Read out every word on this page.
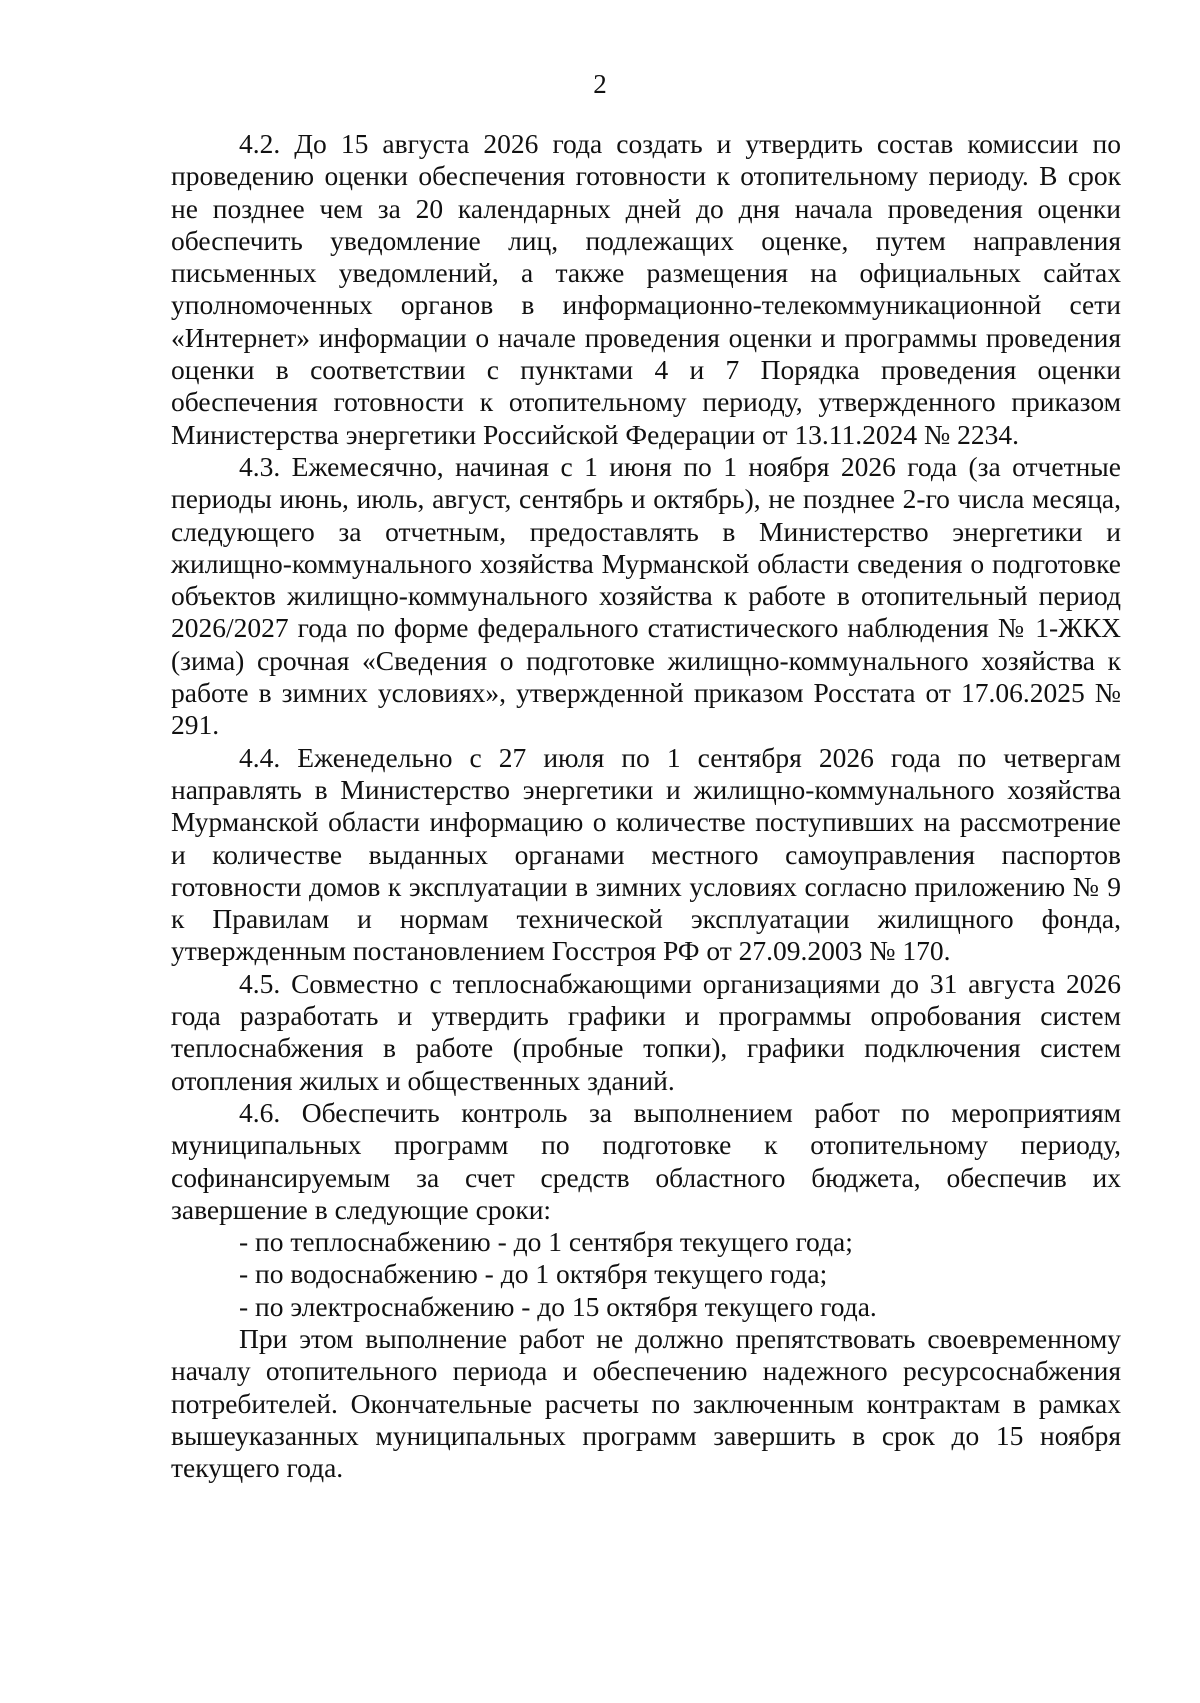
2

4.2. До 15 августа 2026 года создать и утвердить состав комиссии по проведению оценки обеспечения готовности к отопительному периоду. В срок не позднее чем за 20 календарных дней до дня начала проведения оценки обеспечить уведомление лиц, подлежащих оценке, путем направления письменных уведомлений, а также размещения на официальных сайтах уполномоченных органов в информационно-телекоммуникационной сети «Интернет» информации о начале проведения оценки и программы проведения оценки в соответствии с пунктами 4 и 7 Порядка проведения оценки обеспечения готовности к отопительному периоду, утвержденного приказом Министерства энергетики Российской Федерации от 13.11.2024 № 2234.

4.3. Ежемесячно, начиная с 1 июня по 1 ноября 2026 года (за отчетные периоды июнь, июль, август, сентябрь и октябрь), не позднее 2-го числа месяца, следующего за отчетным, предоставлять в Министерство энергетики и жилищно-коммунального хозяйства Мурманской области сведения о подготовке объектов жилищно-коммунального хозяйства к работе в отопительный период 2026/2027 года по форме федерального статистического наблюдения № 1-ЖКХ (зима) срочная «Сведения о подготовке жилищно-коммунального хозяйства к работе в зимних условиях», утвержденной приказом Росстата от 17.06.2025 № 291.

4.4. Еженедельно с 27 июля по 1 сентября 2026 года по четвергам направлять в Министерство энергетики и жилищно-коммунального хозяйства Мурманской области информацию о количестве поступивших на рассмотрение и количестве выданных органами местного самоуправления паспортов готовности домов к эксплуатации в зимних условиях согласно приложению № 9 к Правилам и нормам технической эксплуатации жилищного фонда, утвержденным постановлением Госстроя РФ от 27.09.2003 № 170.

4.5. Совместно с теплоснабжающими организациями до 31 августа 2026 года разработать и утвердить графики и программы опробования систем теплоснабжения в работе (пробные топки), графики подключения систем отопления жилых и общественных зданий.

4.6. Обеспечить контроль за выполнением работ по мероприятиям муниципальных программ по подготовке к отопительному периоду, софинансируемым за счет средств областного бюджета, обеспечив их завершение в следующие сроки:

- по теплоснабжению - до 1 сентября текущего года;

- по водоснабжению - до 1 октября текущего года;

- по электроснабжению - до 15 октября текущего года.

При этом выполнение работ не должно препятствовать своевременному началу отопительного периода и обеспечению надежного ресурсоснабжения потребителей. Окончательные расчеты по заключенным контрактам в рамках вышеуказанных муниципальных программ завершить в срок до 15 ноября текущего года.
